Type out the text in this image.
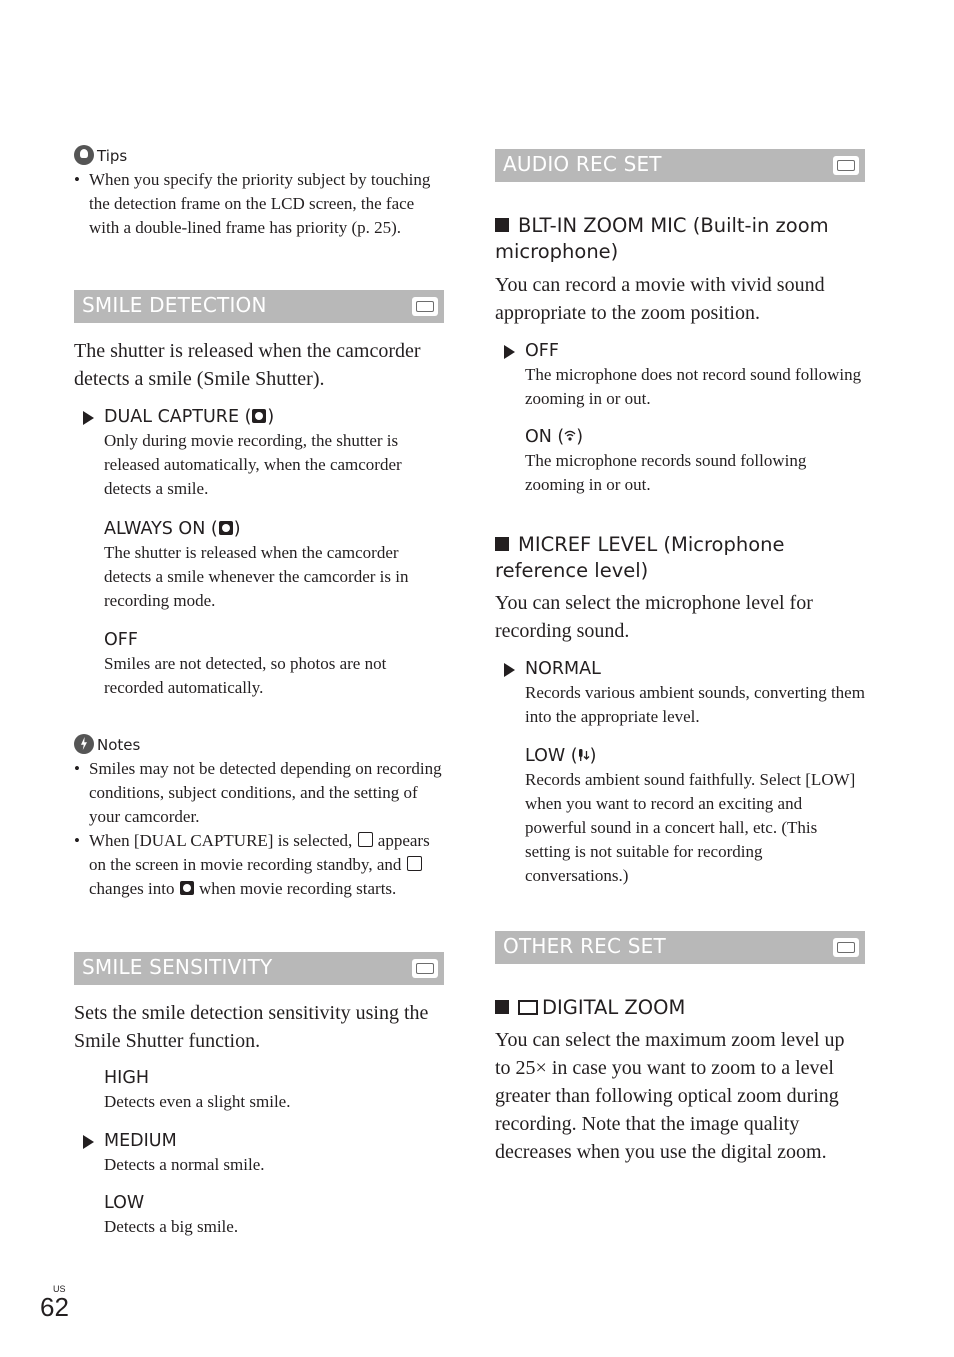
Tips
• When you specify the priority subject by touching the detection frame on the LCD screen, the face with a double-lined frame has priority (p. 25).
SMILE DETECTION
The shutter is released when the camcorder detects a smile (Smile Shutter).
DUAL CAPTURE ( )
Only during movie recording, the shutter is released automatically, when the camcorder detects a smile.
ALWAYS ON ( )
The shutter is released when the camcorder detects a smile whenever the camcorder is in recording mode.
OFF
Smiles are not detected, so photos are not recorded automatically.
Notes
• Smiles may not be detected depending on recording conditions, subject conditions, and the setting of your camcorder.
• When [DUAL CAPTURE] is selected, appears on the screen in movie recording standby, and  changes into when movie recording starts.
SMILE SENSITIVITY
Sets the smile detection sensitivity using the Smile Shutter function.
HIGH
Detects even a slight smile.
MEDIUM
Detects a normal smile.
LOW
Detects a big smile.
AUDIO REC SET
BLT-IN ZOOM MIC (Built-in zoom microphone)
You can record a movie with vivid sound appropriate to the zoom position.
OFF
The microphone does not record sound following zooming in or out.
ON ( )
The microphone records sound following zooming in or out.
MICREF LEVEL (Microphone reference level)
You can select the microphone level for recording sound.
NORMAL
Records various ambient sounds, converting them into the appropriate level.
LOW ( )
Records ambient sound faithfully. Select [LOW] when you want to record an exciting and powerful sound in a concert hall, etc. (This setting is not suitable for recording conversations.)
OTHER REC SET
DIGITAL ZOOM
You can select the maximum zoom level up to 25× in case you want to zoom to a level greater than following optical zoom during recording. Note that the image quality decreases when you use the digital zoom.
US
62
